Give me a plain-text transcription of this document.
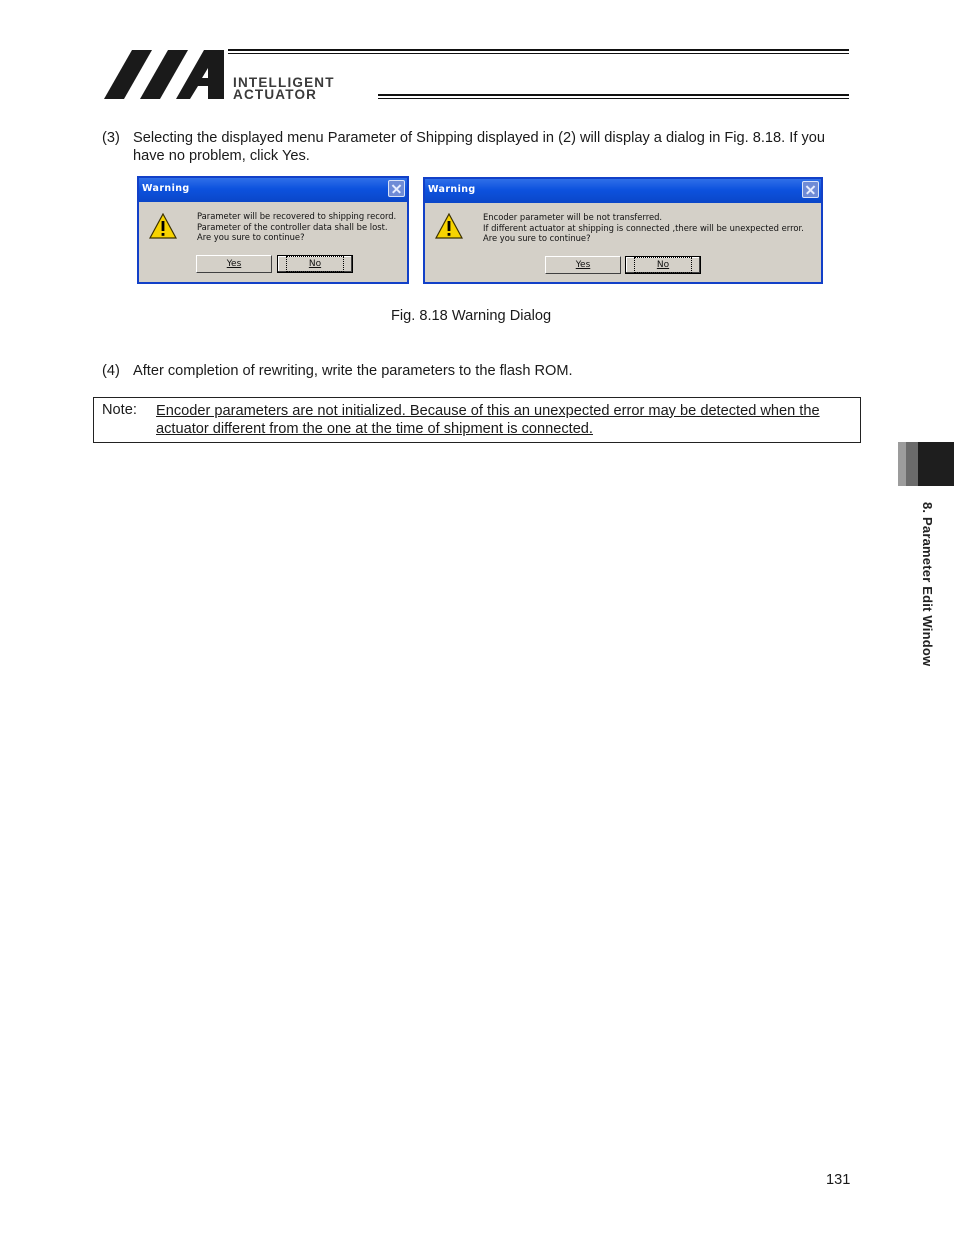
INTELLIGENT
ACTUATOR
(3) Selecting the displayed menu Parameter of Shipping displayed in (2) will display a dialog in Fig. 8.18. If you have no problem, click Yes.
Warning
Parameter will be recovered to shipping record.
Parameter of the controller data shall be lost.
Are you sure to continue?
Yes	No
Warning
Encoder parameter will be not transferred.
If different actuator at shipping is connected ,there will be unexpected error.
Are you sure to continue?
Yes	No
Fig. 8.18 Warning Dialog
(4) After completion of rewriting, write the parameters to the flash ROM.
Note: Encoder parameters are not initialized. Because of this an unexpected error may be detected when the actuator different from the one at the time of shipment is connected.
8. Parameter Edit Window
131
